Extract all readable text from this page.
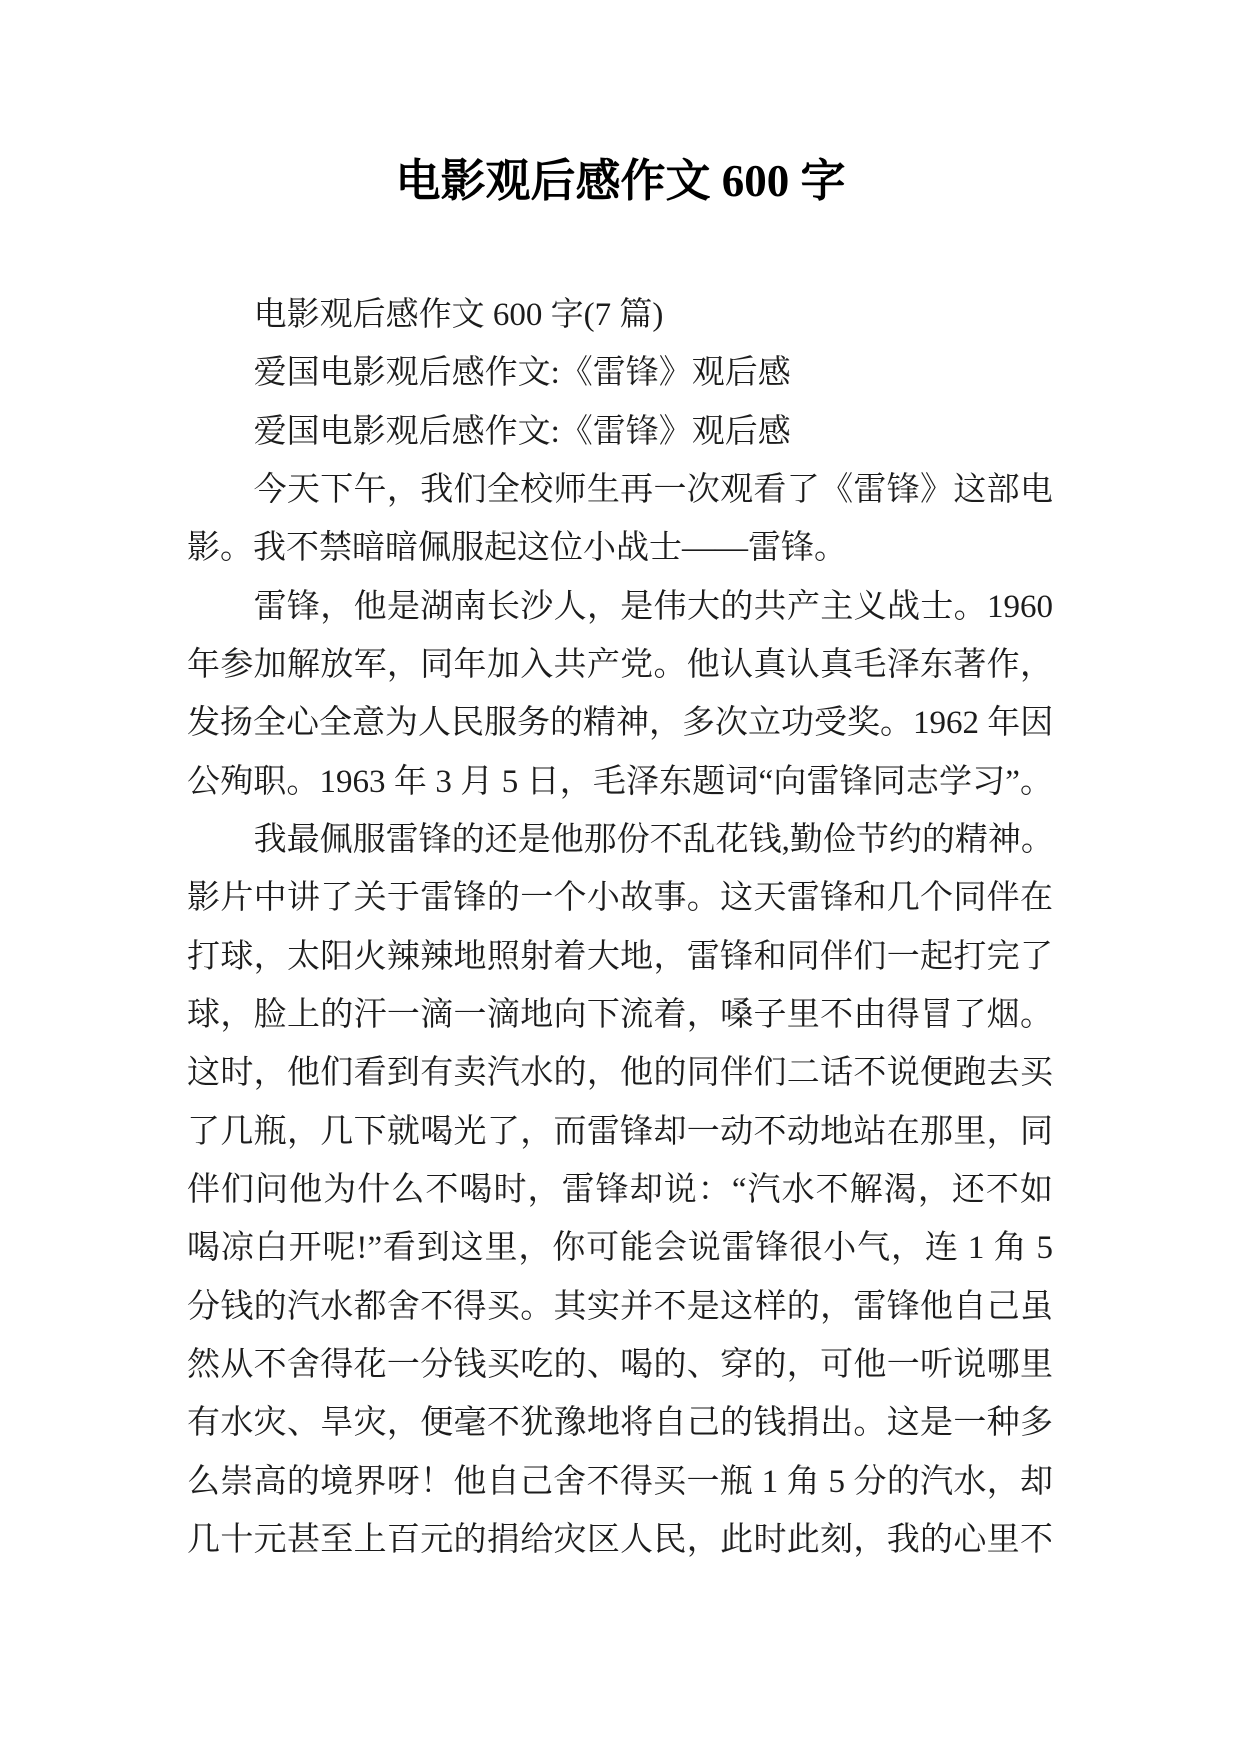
电影观后感作文 600 字
电影观后感作文 600 字(7 篇)
爱国电影观后感作文:《雷锋》观后感
爱国电影观后感作文:《雷锋》观后感
今天下午，我们全校师生再一次观看了《雷锋》这部电
影。我不禁暗暗佩服起这位小战士——雷锋。
雷锋，他是湖南长沙人，是伟大的共产主义战士。1960
年参加解放军，同年加入共产党。他认真认真毛泽东著作，
发扬全心全意为人民服务的精神，多次立功受奖。1962 年因
公殉职。1963 年 3 月 5 日，毛泽东题词“向雷锋同志学习”。
我最佩服雷锋的还是他那份不乱花钱,勤俭节约的精神。
影片中讲了关于雷锋的一个小故事。这天雷锋和几个同伴在
打球，太阳火辣辣地照射着大地，雷锋和同伴们一起打完了
球，脸上的汗一滴一滴地向下流着，嗓子里不由得冒了烟。
这时，他们看到有卖汽水的，他的同伴们二话不说便跑去买
了几瓶，几下就喝光了，而雷锋却一动不动地站在那里，同
伴们问他为什么不喝时，雷锋却说：“汽水不解渴，还不如
喝凉白开呢!”看到这里，你可能会说雷锋很小气，连 1 角 5
分钱的汽水都舍不得买。其实并不是这样的，雷锋他自己虽
然从不舍得花一分钱买吃的、喝的、穿的，可他一听说哪里
有水灾、旱灾，便毫不犹豫地将自己的钱捐出。这是一种多
么崇高的境界呀！他自己舍不得买一瓶 1 角 5 分的汽水，却
几十元甚至上百元的捐给灾区人民，此时此刻，我的心里不
